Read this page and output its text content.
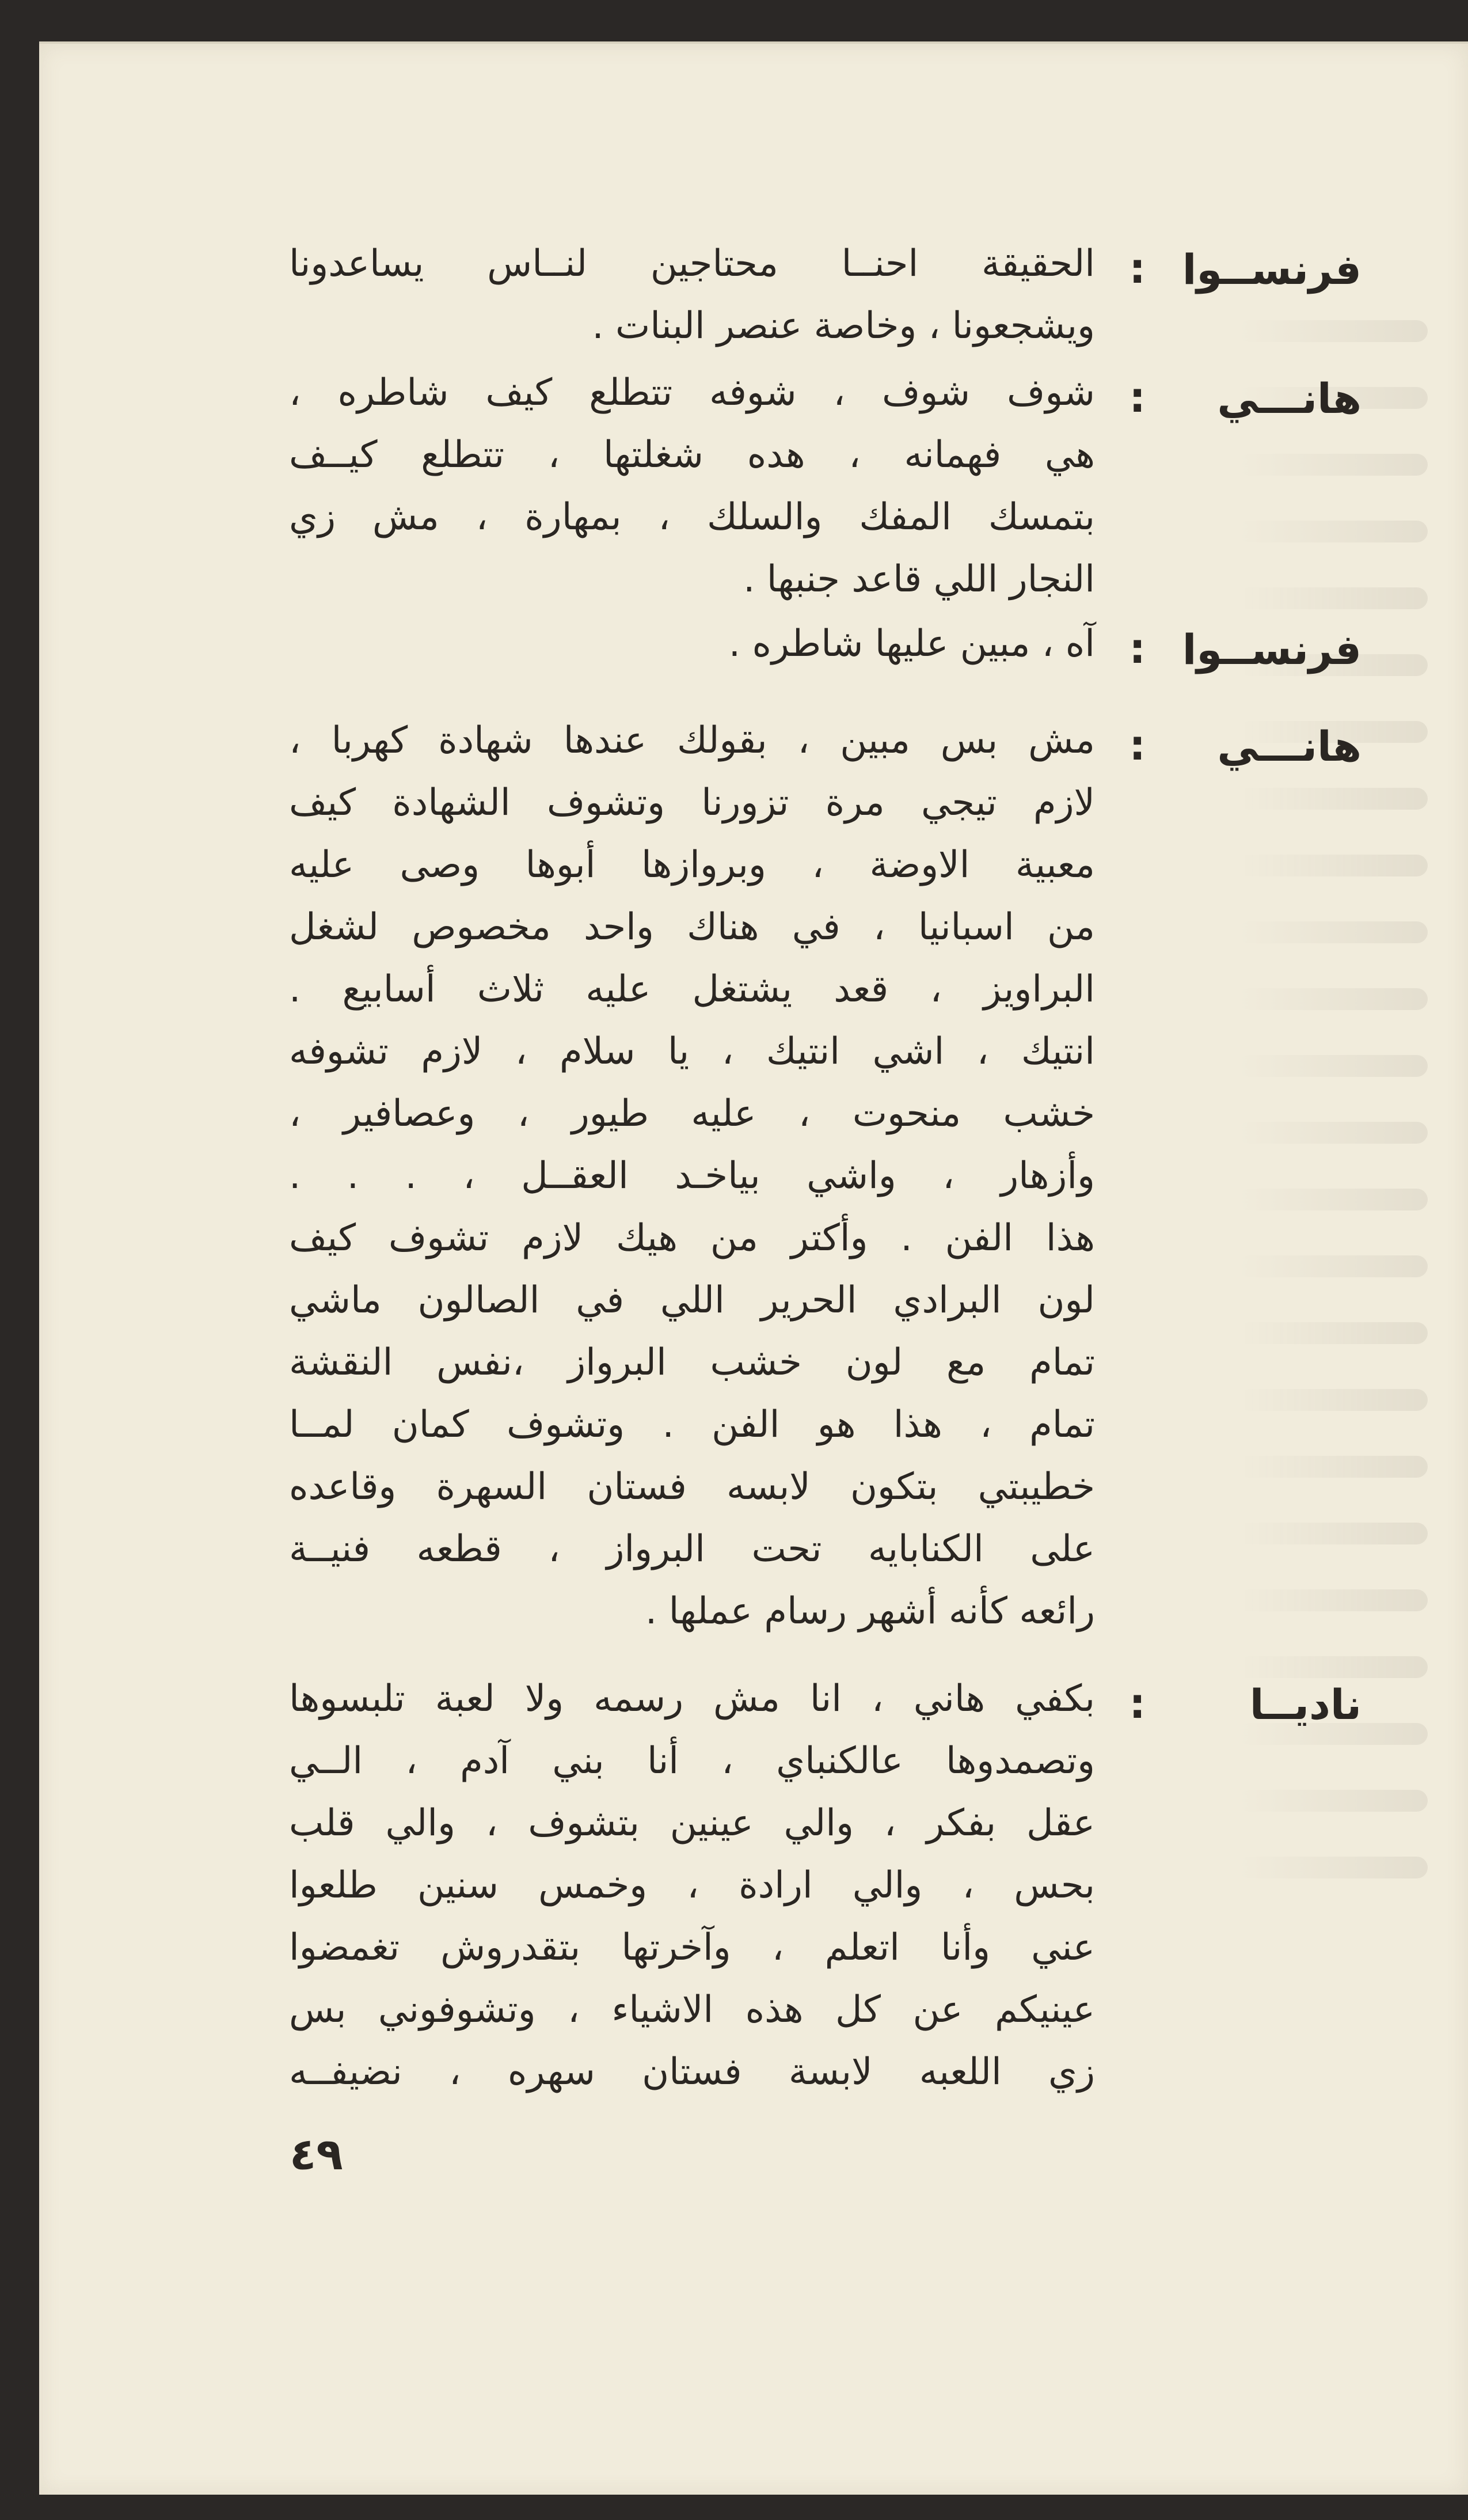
فرنســوا
:
الحقيقة احنــا محتاجين لنــاس يساعدونا
ويشجعونا ، وخاصة عنصر البنات .
هانـــي
:
شوف شوف ، شوفه تتطلع كيف شاطره ،
هي فهمانه ، هده شغلتها ، تتطلع كيــف
بتمسك المفك والسلك ، بمهارة ، مش زي
النجار اللي قاعد جنبها .
فرنســوا
:
آه ، مبين عليها شاطره .
هانـــي
:
مش بس مبين ، بقولك عندها شهادة كهربا ،
لازم تيجي مرة تزورنا وتشوف الشهادة كيف
معبية الاوضة ، وبروازها أبوها وصى عليه
من اسبانيا ، في هناك واحد مخصوص لشغل
البراويز ، قعد يشتغل عليه ثلاث أسابيع .
انتيك ، اشي انتيك ، يا سلام ، لازم تشوفه
خشب منحوت ، عليه طيور ، وعصافير ،
وأزهار ، واشي بياخـد العقــل ، . . .
هذا الفن . وأكتر من هيك لازم تشوف كيف
لون البرادي الحرير اللي في الصالون ماشي
تمام مع لون خشب البرواز ،نفس النقشة
تمام ، هذا هو الفن . وتشوف كمان لمــا
خطيبتي بتكون لابسه فستان السهرة وقاعده
على الكنابايه تحت البرواز ، قطعه فنيــة
رائعه كأنه أشهر رسام عملها .
ناديــا
:
بكفي هاني ، انا مش رسمه ولا لعبة تلبسوها
وتصمدوها عالكنباي ، أنا بني آدم ، الــي
عقل بفكر ، والي عينين بتشوف ، والي قلب
بحس ، والي ارادة ، وخمس سنين طلعوا
عني وأنا اتعلم ، وآخرتها بتقدروش تغمضوا
عينيكم عن كل هذه الاشياء ، وتشوفوني بس
زي اللعبه لابسة فستان سهره ، نضيفــه
٤٩
